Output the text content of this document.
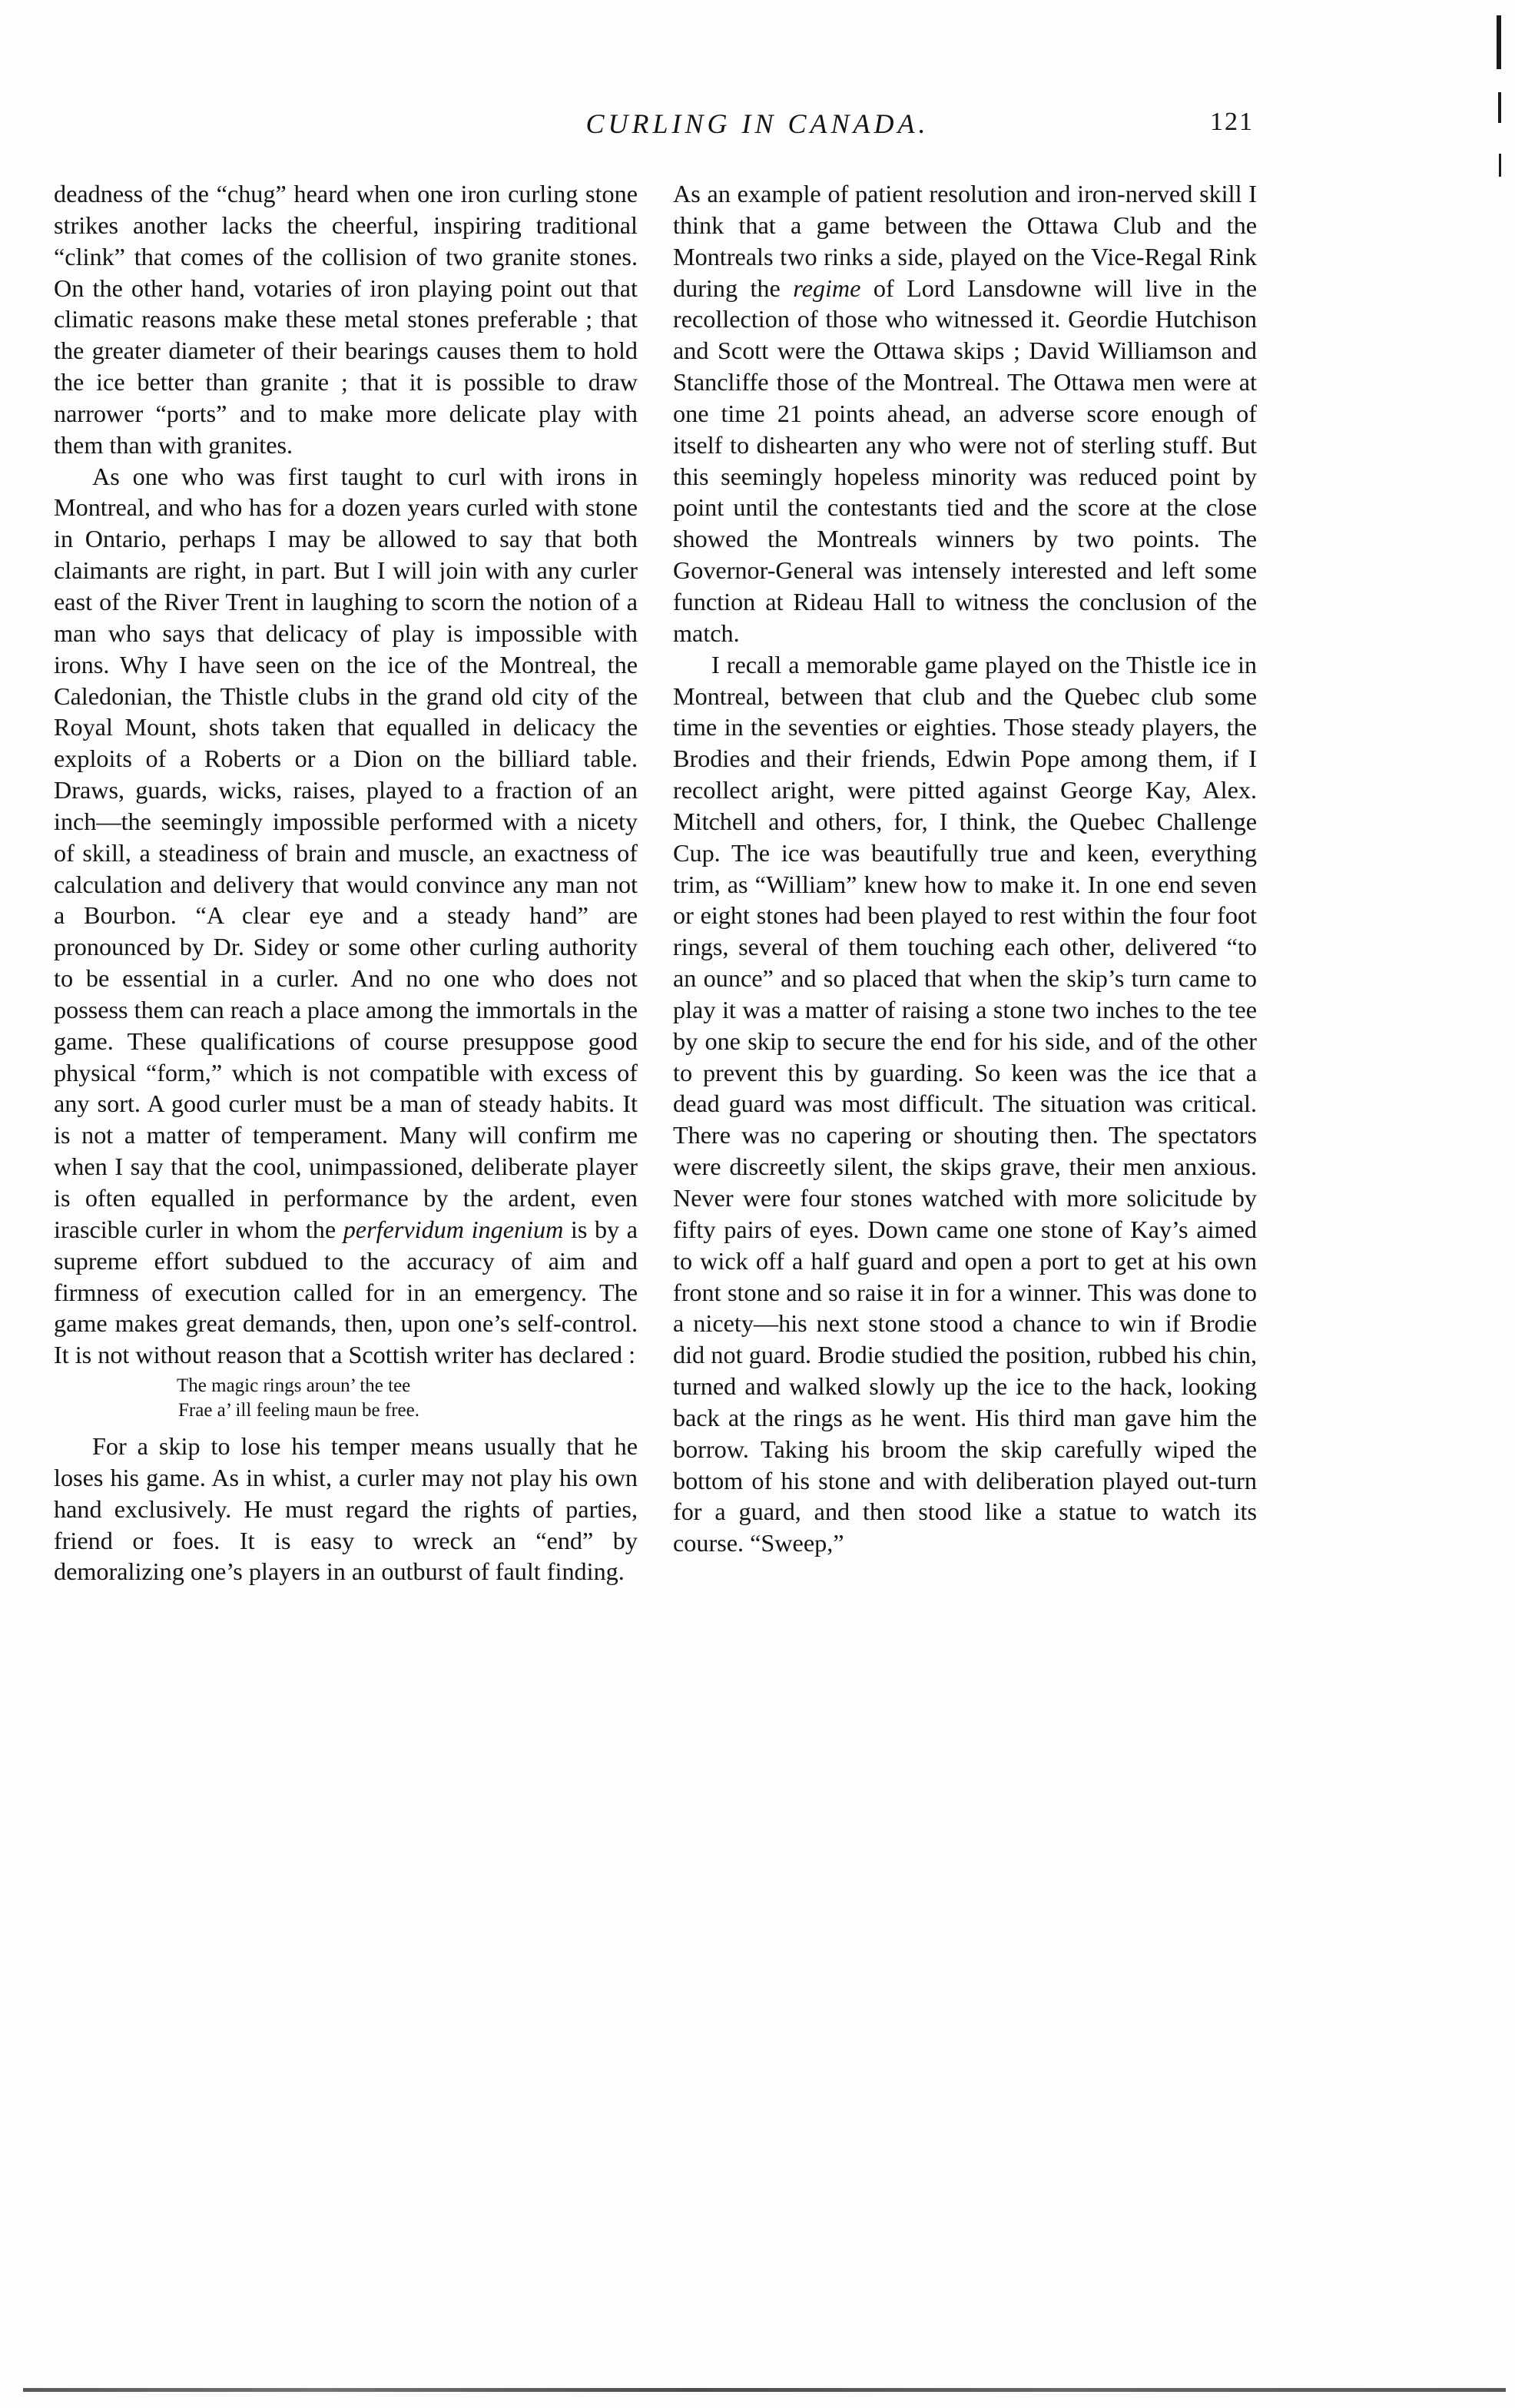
CURLING IN CANADA.	121

deadness of the “chug” heard when one iron curling stone strikes another lacks the cheerful, inspiring traditional “clink” that comes of the collision of two granite stones. On the other hand, votaries of iron playing point out that climatic reasons make these metal stones preferable ; that the greater diameter of their bearings causes them to hold the ice better than granite ; that it is possible to draw narrower “ports” and to make more delicate play with them than with granites.

As one who was first taught to curl with irons in Montreal, and who has for a dozen years curled with stone in Ontario, perhaps I may be allowed to say that both claimants are right, in part. But I will join with any curler east of the River Trent in laughing to scorn the notion of a man who says that delicacy of play is impossible with irons. Why I have seen on the ice of the Montreal, the Caledonian, the Thistle clubs in the grand old city of the Royal Mount, shots taken that equalled in delicacy the exploits of a Roberts or a Dion on the billiard table. Draws, guards, wicks, raises, played to a fraction of an inch—the seemingly impossible performed with a nicety of skill, a steadiness of brain and muscle, an exactness of calculation and delivery that would convince any man not a Bourbon. “A clear eye and a steady hand” are pronounced by Dr. Sidey or some other curling authority to be essential in a curler. And no one who does not possess them can reach a place among the immortals in the game. These qualifications of course presuppose good physical “form,” which is not compatible with excess of any sort. A good curler must be a man of steady habits. It is not a matter of temperament. Many will confirm me when I say that the cool, unimpassioned, deliberate player is often equalled in performance by the ardent, even irascible curler in whom the perfervidum ingenium is by a supreme effort subdued to the accuracy of aim and firmness of execution called for in an emergency. The game makes great demands, then, upon one’s self-control. It is not without reason that a Scottish writer has declared :

The magic rings aroun’ the tee
Frae a’ ill feeling maun be free.

For a skip to lose his temper means usually that he loses his game. As in whist, a curler may not play his own hand exclusively. He must regard the rights of parties, friend or foes. It is easy to wreck an “end” by demoralizing one’s players in an outburst of fault finding.

As an example of patient resolution and iron-nerved skill I think that a game between the Ottawa Club and the Montreals two rinks a side, played on the Vice-Regal Rink during the regime of Lord Lansdowne will live in the recollection of those who witnessed it. Geordie Hutchison and Scott were the Ottawa skips ; David Williamson and Stancliffe those of the Montreal. The Ottawa men were at one time 21 points ahead, an adverse score enough of itself to dishearten any who were not of sterling stuff. But this seemingly hopeless minority was reduced point by point until the contestants tied and the score at the close showed the Montreals winners by two points. The Governor-General was intensely interested and left some function at Rideau Hall to witness the conclusion of the match.

I recall a memorable game played on the Thistle ice in Montreal, between that club and the Quebec club some time in the seventies or eighties. Those steady players, the Brodies and their friends, Edwin Pope among them, if I recollect aright, were pitted against George Kay, Alex. Mitchell and others, for, I think, the Quebec Challenge Cup. The ice was beautifully true and keen, everything trim, as “William” knew how to make it. In one end seven or eight stones had been played to rest within the four foot rings, several of them touching each other, delivered “to an ounce” and so placed that when the skip’s turn came to play it was a matter of raising a stone two inches to the tee by one skip to secure the end for his side, and of the other to prevent this by guarding. So keen was the ice that a dead guard was most difficult. The situation was critical. There was no capering or shouting then. The spectators were discreetly silent, the skips grave, their men anxious. Never were four stones watched with more solicitude by fifty pairs of eyes. Down came one stone of Kay’s aimed to wick off a half guard and open a port to get at his own front stone and so raise it in for a winner. This was done to a nicety—his next stone stood a chance to win if Brodie did not guard. Brodie studied the position, rubbed his chin, turned and walked slowly up the ice to the hack, looking back at the rings as he went. His third man gave him the borrow. Taking his broom the skip carefully wiped the bottom of his stone and with deliberation played out-turn for a guard, and then stood like a statue to watch its course. “Sweep,”
